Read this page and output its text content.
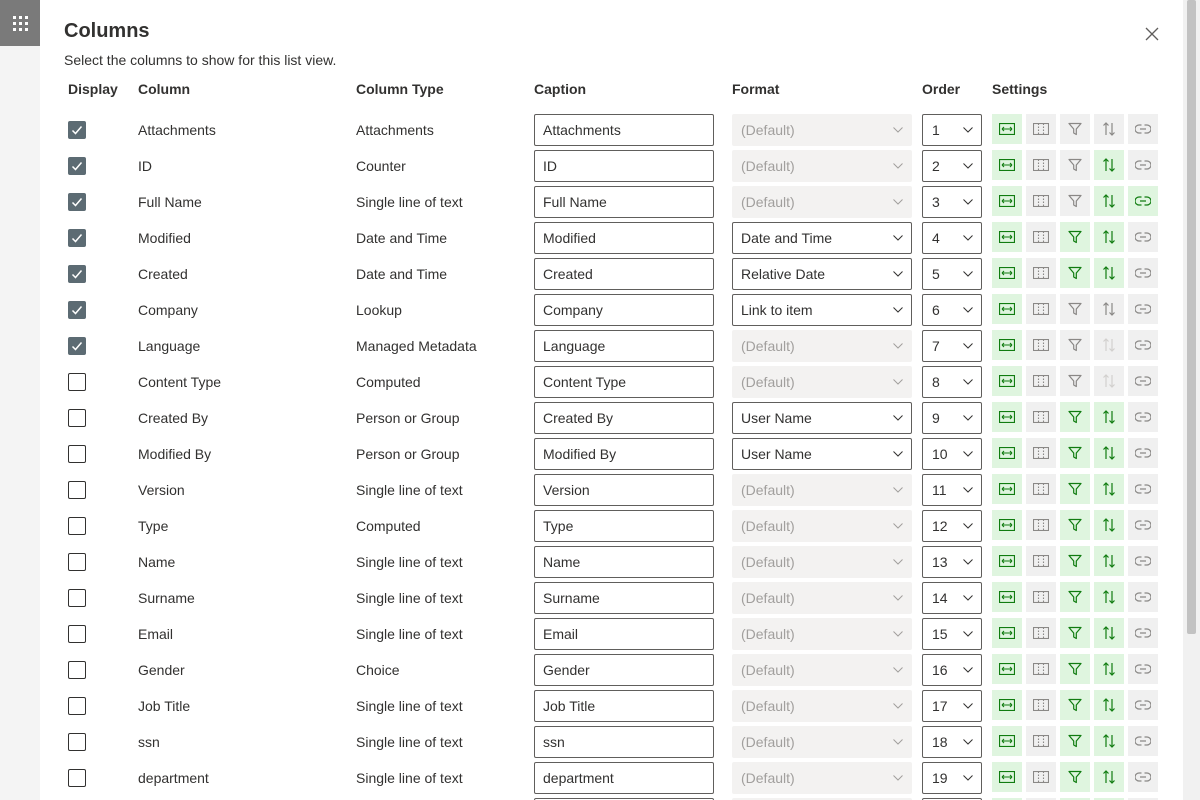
Columns
Select the columns to show for this list view.
Display Column	Column Type	Caption	Format	Order Settings
Attachments	Attachments	Attachments	(Default)	1
ID	Counter	ID	(Default)	2
Full Name	Single line of text	Full Name	(Default)	3
Modified	Date and Time	Modified	Date and Time	4
Created	Date and Time	Created	Relative Date	5
Company	Lookup	Company	Link to item	6
Language	Managed Metadata	Language	(Default)	7
Content Type	Computed	Content Type	(Default)	8
Created By	Person or Group	Created By	User Name	9
Modified By	Person or Group	Modified By	User Name	10
Version	Single line of text	Version	(Default)	11
Type	Computed	Type	(Default)	12
Name	Single line of text	Name	(Default)	13
Surname	Single line of text	Surname	(Default)	14
Email	Single line of text	Email	(Default)	15
Gender	Choice	Gender	(Default)	16
Job Title	Single line of text	Job Title	(Default)	17
ssn	Single line of text	ssn	(Default)	18
department	Single line of text	department	(Default)	19
